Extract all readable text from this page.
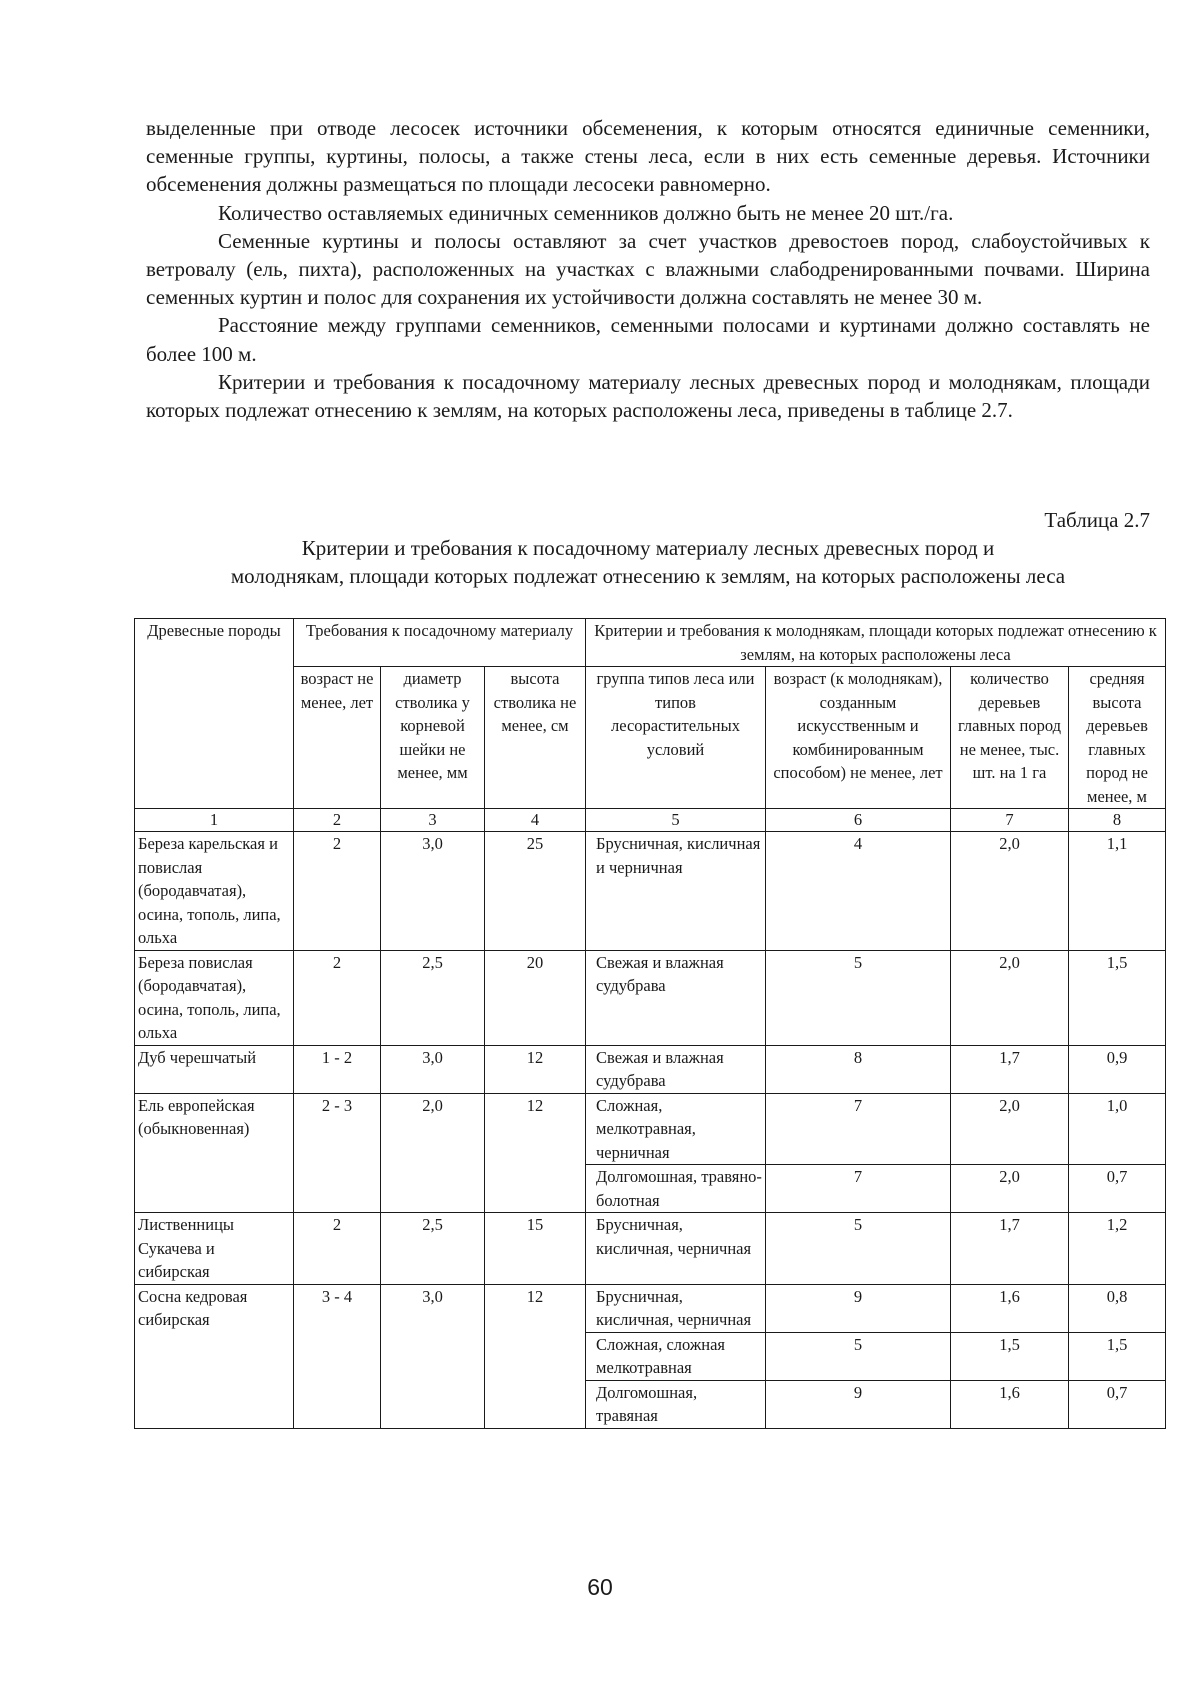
выделенные при отводе лесосек источники обсеменения, к которым относятся единичные семенники, семенные группы, куртины, полосы, а также стены леса, если в них есть семенные деревья. Источники обсеменения должны размещаться по площади лесосеки равномерно.

Количество оставляемых единичных семенников должно быть не менее 20 шт./га.

Семенные куртины и полосы оставляют за счет участков древостоев пород, слабоустойчивых к ветровалу (ель, пихта), расположенных на участках с влажными слабодренированными почвами. Ширина семенных куртин и полос для сохранения их устойчивости должна составлять не менее 30 м.

Расстояние между группами семенников, семенными полосами и куртинами должно составлять не более 100 м.

Критерии и требования к посадочному материалу лесных древесных пород и молоднякам, площади которых подлежат отнесению к землям, на которых расположены леса, приведены в таблице 2.7.

Таблица 2.7
Критерии и требования к посадочному материалу лесных древесных пород и
молоднякам, площади которых подлежат отнесению к землям, на которых расположены леса
Древесные породы	Требования к посадочному материалу			Критерии и требования к молоднякам, площади которых подлежат отнесению к землям, на которых расположены леса			
	возраст не менее, лет	диаметр стволика у корневой шейки не менее, мм	высота стволика не менее, см	группа типов леса или типов лесорастительных условий	возраст (к молоднякам), созданным искусственным и комбинированным способом) не менее, лет	количество деревьев главных пород не менее, тыс. шт. на 1 га	средняя высота деревьев главных пород не менее, м
1	2	3	4	5	6	7	8
Береза карельская и повислая (бородавчатая), осина, тополь, липа, ольха	2	3,0	25	Брусничная, кисличная и черничная	4	2,0	1,1
Береза повислая (бородавчатая), осина, тополь, липа, ольха	2	2,5	20	Свежая и влажная судубрава	5	2,0	1,5
Дуб черешчатый	1 - 2	3,0	12	Свежая и влажная судубрава	8	1,7	0,9
Ель европейская (обыкновенная)	2 - 3	2,0	12	Сложная, мелкотравная, черничная	7	2,0	1,0
				Долгомошная, травяно-болотная	7	2,0	0,7
Лиственницы Сукачева и сибирская	2	2,5	15	Брусничная, кисличная, черничная	5	1,7	1,2
Сосна кедровая сибирская	3 - 4	3,0	12	Брусничная, кисличная, черничная	9	1,6	0,8
				Сложная, сложная мелкотравная	5	1,5	1,5
				Долгомошная, травяная	9	1,6	0,7
60
